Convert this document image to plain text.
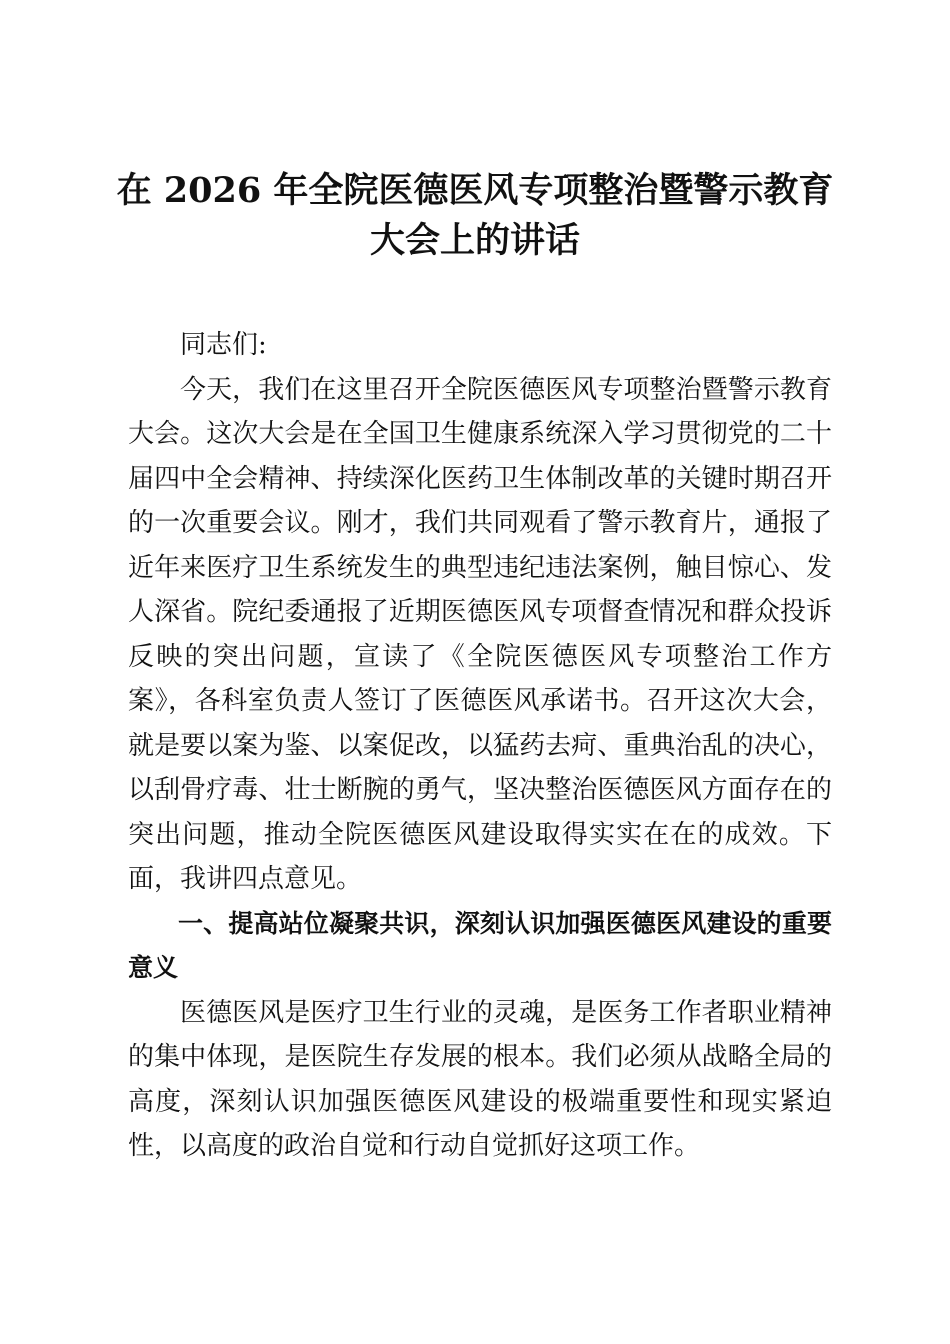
在 2026 年全院医德医风专项整治暨警示教育
大会上的讲话

同志们:

今天，我们在这里召开全院医德医风专项整治暨警示教育大会。这次大会是在全国卫生健康系统深入学习贯彻党的二十届四中全会精神、持续深化医药卫生体制改革的关键时期召开的一次重要会议。刚才，我们共同观看了警示教育片，通报了近年来医疗卫生系统发生的典型违纪违法案例，触目惊心、发人深省。院纪委通报了近期医德医风专项督查情况和群众投诉反映的突出问题，宣读了《全院医德医风专项整治工作方案》，各科室负责人签订了医德医风承诺书。召开这次大会，就是要以案为鉴、以案促改，以猛药去疴、重典治乱的决心，以刮骨疗毒、壮士断腕的勇气，坚决整治医德医风方面存在的突出问题，推动全院医德医风建设取得实实在在的成效。下面，我讲四点意见。

一、提高站位凝聚共识，深刻认识加强医德医风建设的重要意义

医德医风是医疗卫生行业的灵魂，是医务工作者职业精神的集中体现，是医院生存发展的根本。我们必须从战略全局的高度，深刻认识加强医德医风建设的极端重要性和现实紧迫性，以高度的政治自觉和行动自觉抓好这项工作。
